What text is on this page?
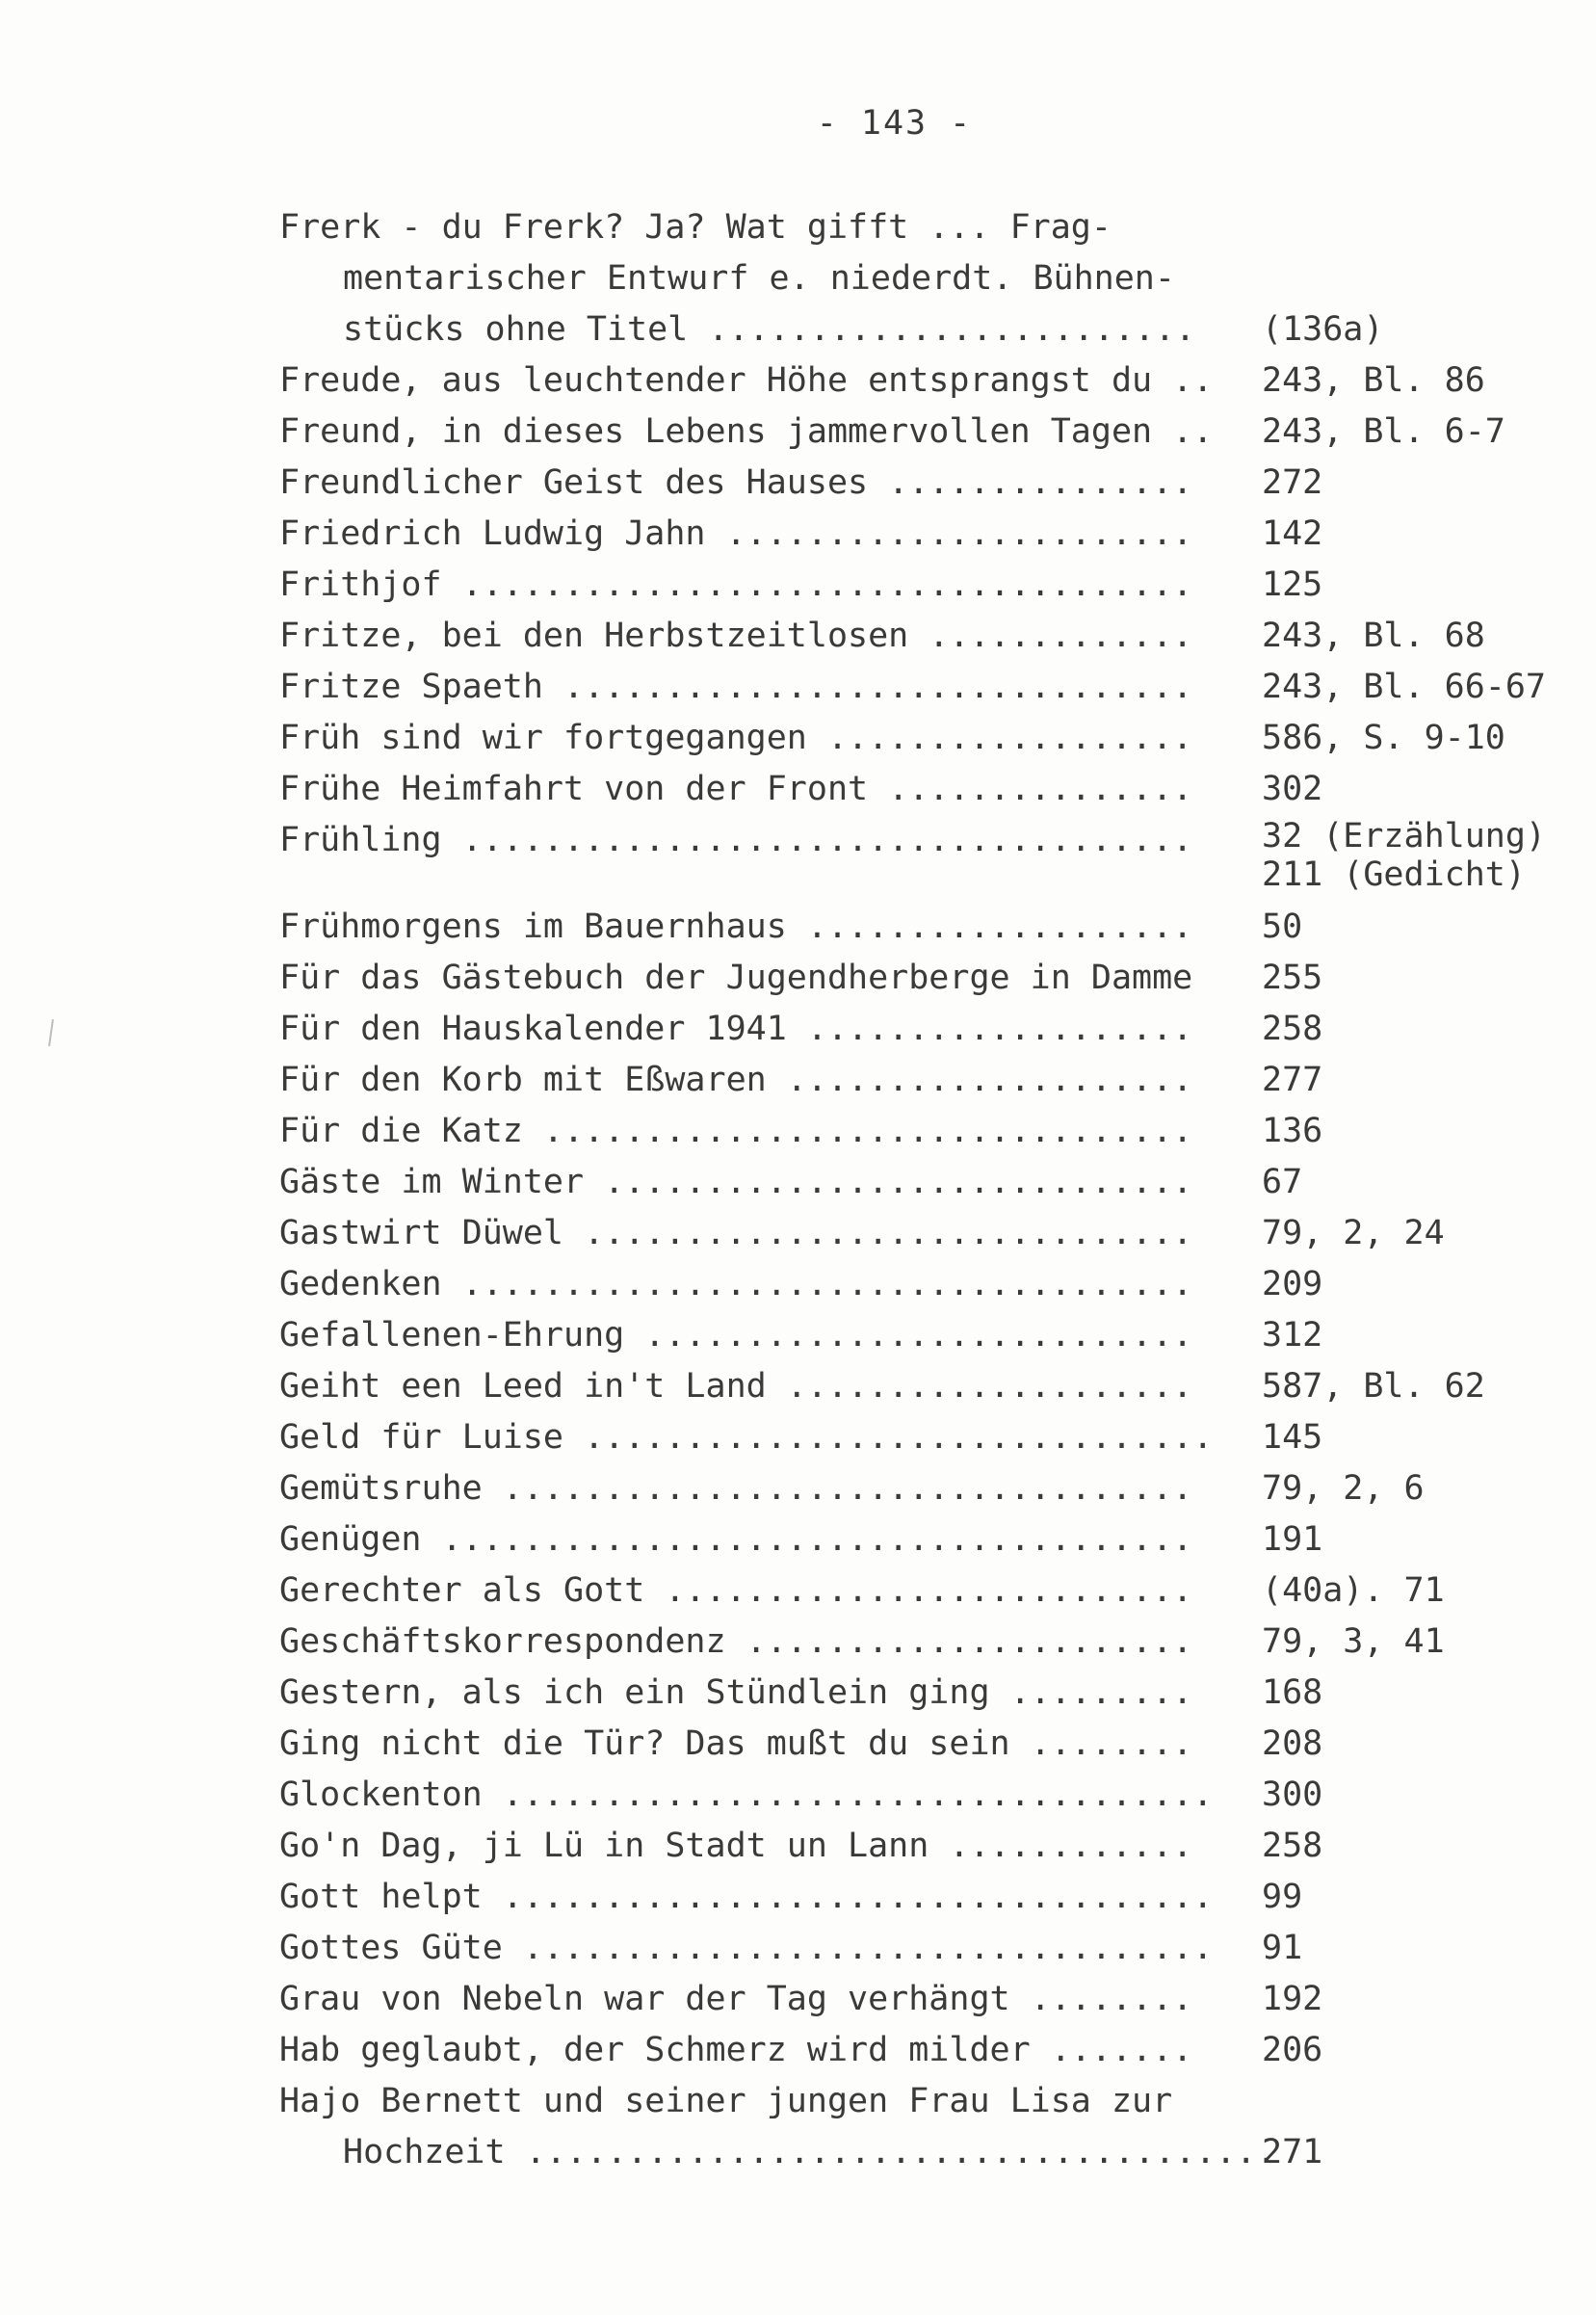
- 143 -
Frerk - du Frerk? Ja? Wat gifft ... Frag-
mentarischer Entwurf e. niederdt. Bühnen-
stücks ohne Titel ........................ (136a)
Freude, aus leuchtender Höhe entsprangst du .. 243, Bl. 86
Freund, in dieses Lebens jammervollen Tagen .. 243, Bl. 6-7
Freundlicher Geist des Hauses ............... 272
Friedrich Ludwig Jahn ....................... 142
Frithjof .................................... 125
Fritze, bei den Herbstzeitlosen ............. 243, Bl. 68
Fritze Spaeth ............................... 243, Bl. 66-67
Früh sind wir fortgegangen .................. 586, S. 9-10
Frühe Heimfahrt von der Front ............... 302
Frühling .................................... 32 (Erzählung)
211 (Gedicht)
Frühmorgens im Bauernhaus ................... 50
Für das Gästebuch der Jugendherberge in Damme 255
Für den Hauskalender 1941 ................... 258
Für den Korb mit Eßwaren .................... 277
Für die Katz ................................ 136
Gäste im Winter ............................. 67
Gastwirt Düwel .............................. 79, 2, 24
Gedenken .................................... 209
Gefallenen-Ehrung ........................... 312
Geiht een Leed in't Land .................... 587, Bl. 62
Geld für Luise ............................... 145
Gemütsruhe .................................. 79, 2, 6
Genügen ..................................... 191
Gerechter als Gott .......................... (40a). 71
Geschäftskorrespondenz ...................... 79, 3, 41
Gestern, als ich ein Stündlein ging ......... 168
Ging nicht die Tür? Das mußt du sein ........ 208
Glockenton ................................... 300
Go'n Dag, ji Lü in Stadt un Lann ............ 258
Gott helpt ................................... 99
Gottes Güte .................................. 91
Grau von Nebeln war der Tag verhängt ........ 192
Hab geglaubt, der Schmerz wird milder ....... 206
Hajo Bernett und seiner jungen Frau Lisa zur
Hochzeit .....................................
271
